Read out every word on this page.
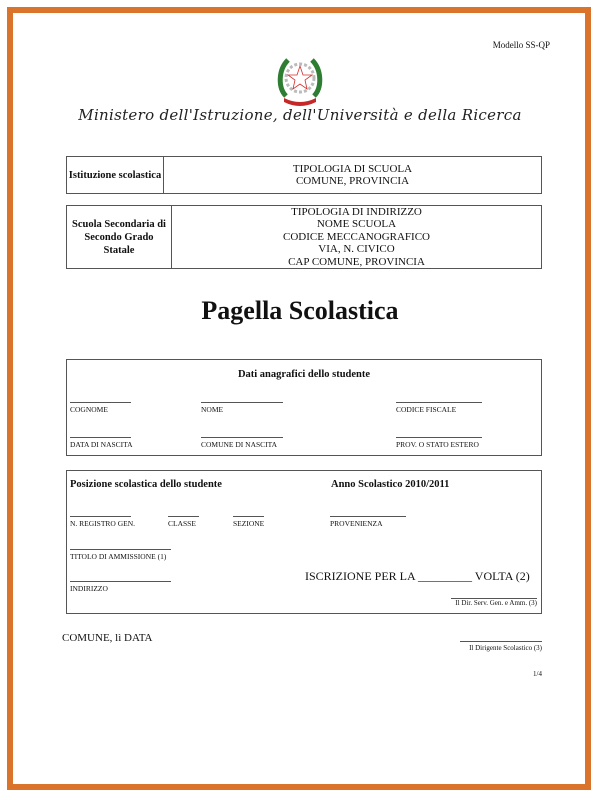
Modello SS-QP
Ministero dell'Istruzione, dell'Università e della Ricerca
Istituzione scolastica
TIPOLOGIA DI SCUOLA
COMUNE, PROVINCIA
Scuola Secondaria di Secondo Grado Statale
TIPOLOGIA DI INDIRIZZO
NOME SCUOLA
CODICE MECCANOGRAFICO
VIA, N. CIVICO
CAP COMUNE, PROVINCIA
Pagella Scolastica
Dati anagrafici dello studente
COGNOME	NOME	CODICE FISCALE
DATA DI NASCITA	COMUNE DI NASCITA	PROV. O STATO ESTERO
Posizione scolastica dello studente	Anno Scolastico 2010/2011
N. REGISTRO GEN.	CLASSE	SEZIONE	PROVENIENZA
TITOLO DI AMMISSIONE (1)
INDIRIZZO
ISCRIZIONE PER LA _________ VOLTA (2)
Il Dir. Serv. Gen. e Amm. (3)
COMUNE, lì DATA
Il Dirigente Scolastico (3)
1/4
